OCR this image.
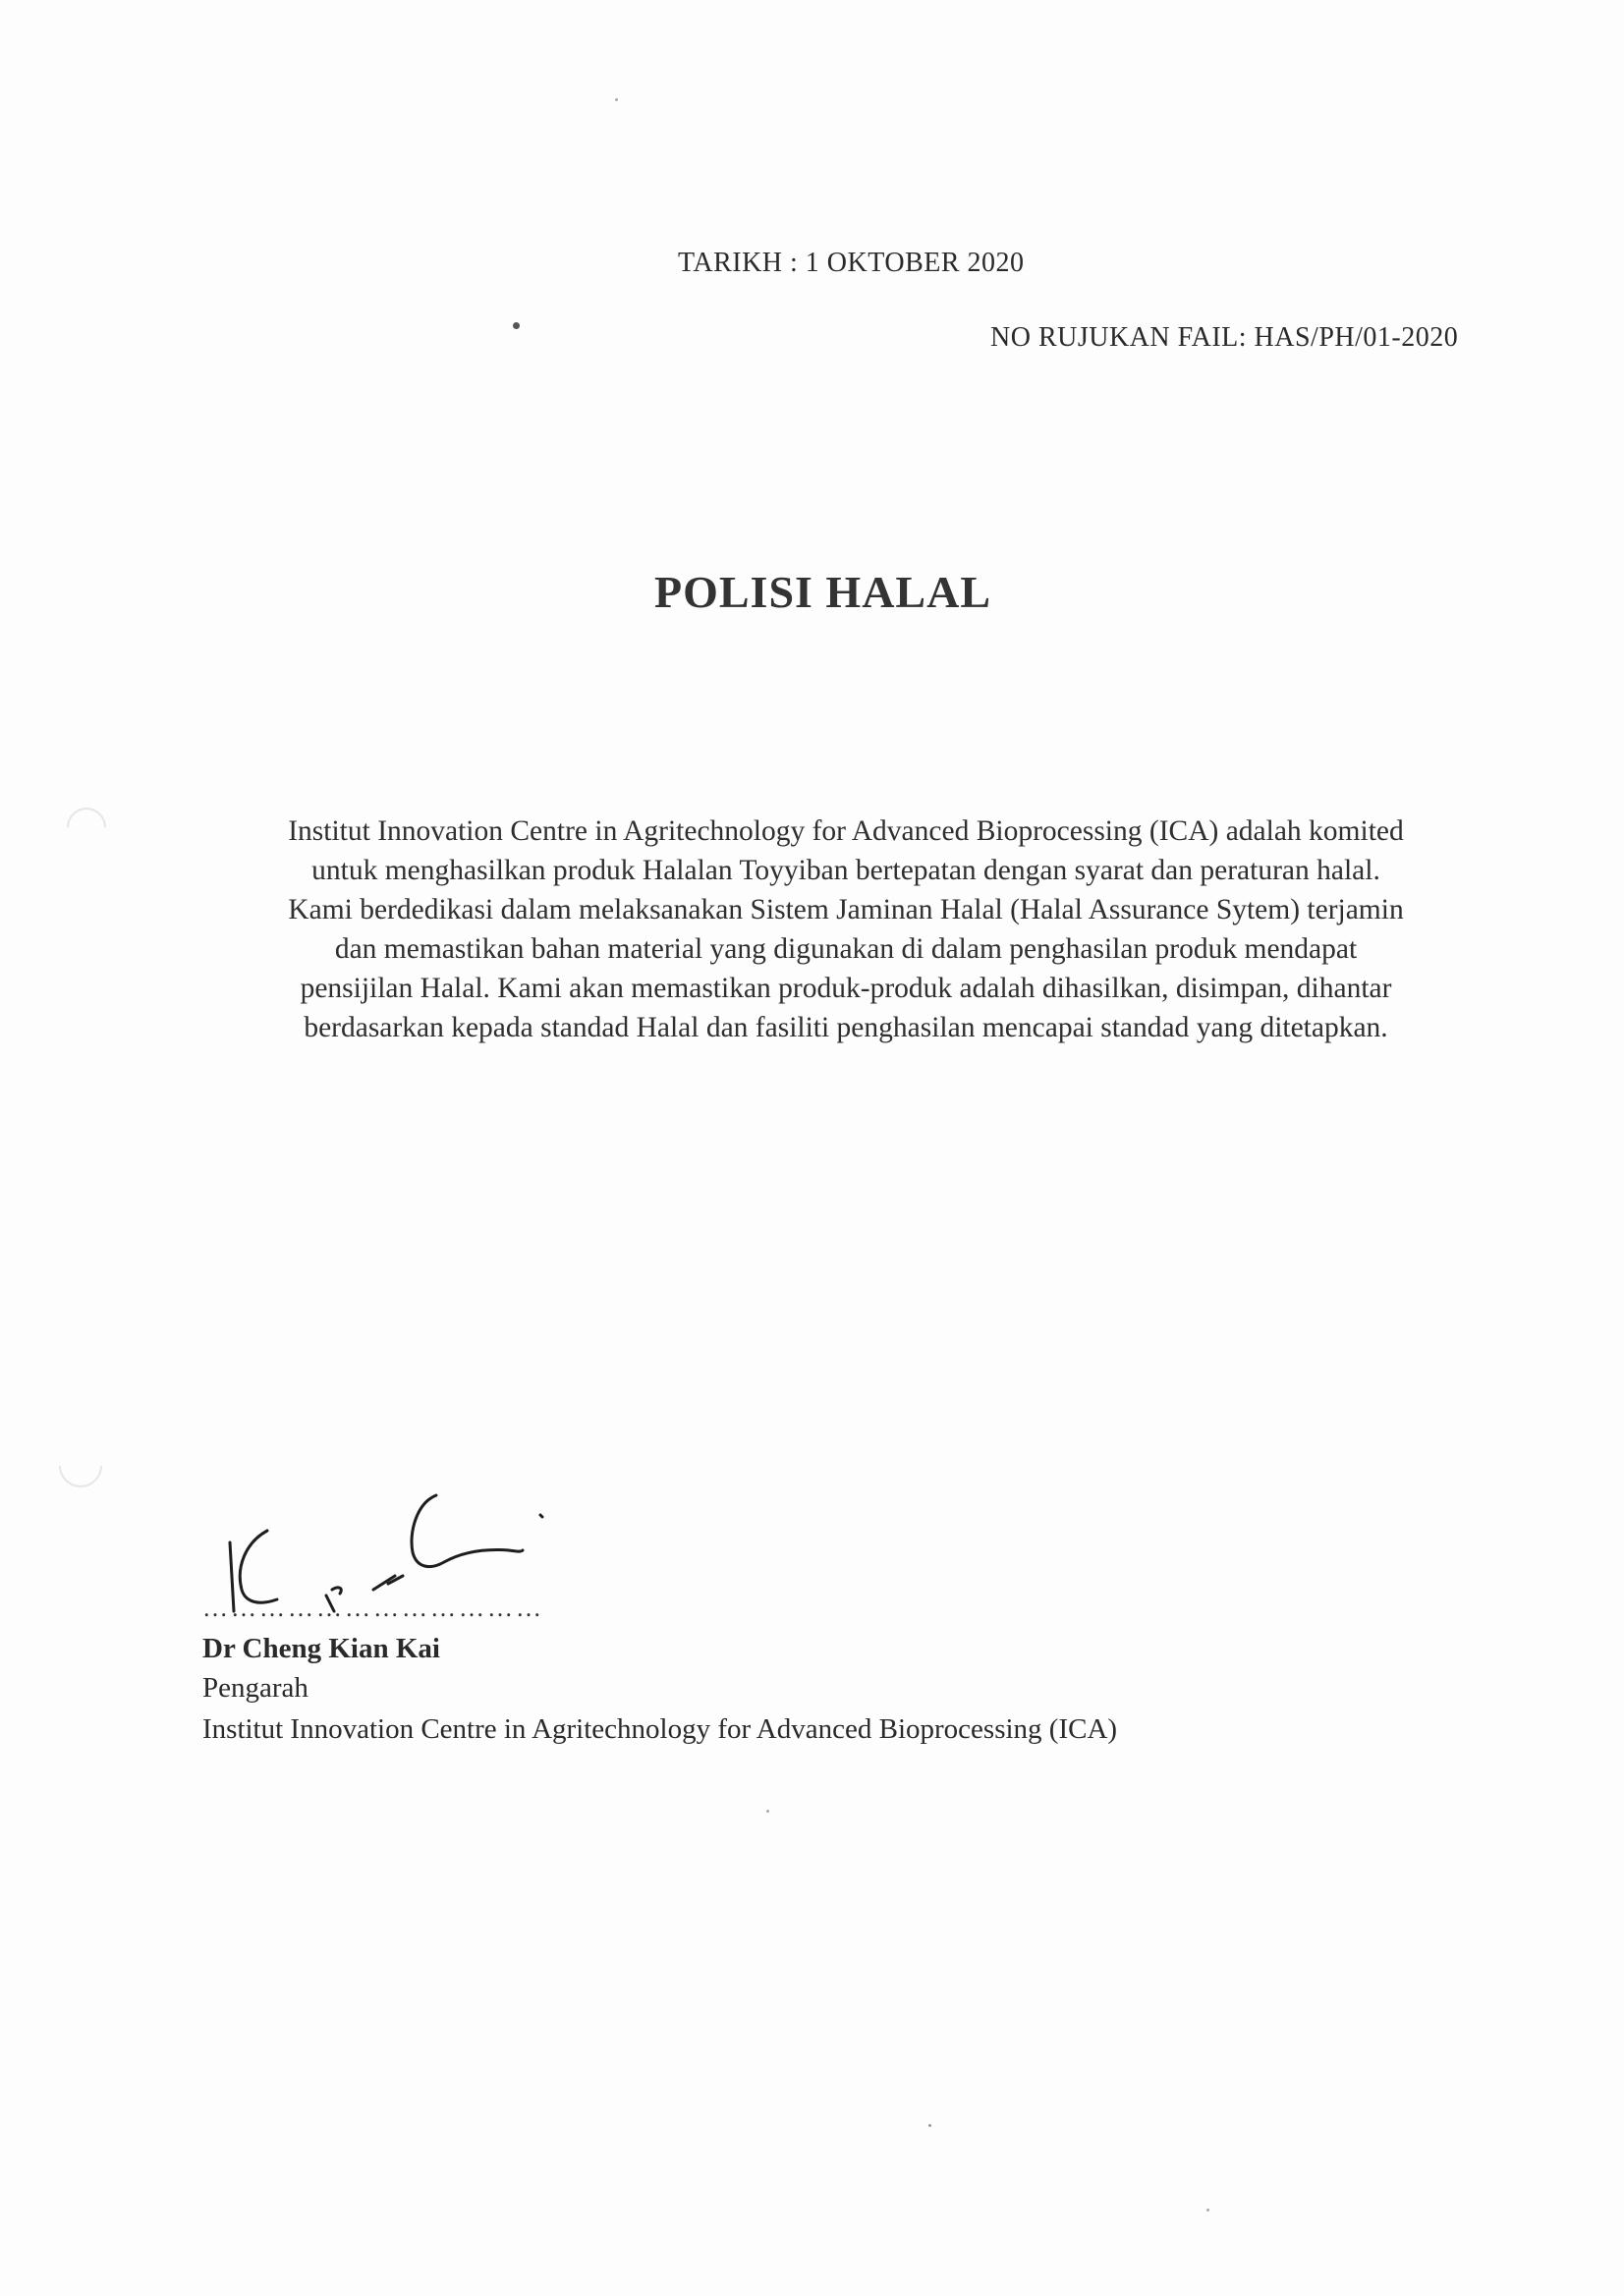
TARIKH : 1 OKTOBER 2020
NO RUJUKAN FAIL: HAS/PH/01-2020
POLISI HALAL
Institut Innovation Centre in Agritechnology for Advanced Bioprocessing (ICA) adalah komited
untuk menghasilkan produk Halalan Toyyiban bertepatan dengan syarat dan peraturan halal.
Kami berdedikasi dalam melaksanakan Sistem Jaminan Halal (Halal Assurance Sytem) terjamin
dan memastikan bahan material yang digunakan di dalam penghasilan produk mendapat
pensijilan Halal. Kami akan memastikan produk-produk adalah dihasilkan, disimpan, dihantar
berdasarkan kepada standad Halal dan fasiliti penghasilan mencapai standad yang ditetapkan.
………………………………
Dr Cheng Kian Kai
Pengarah
Institut Innovation Centre in Agritechnology for Advanced Bioprocessing (ICA)
